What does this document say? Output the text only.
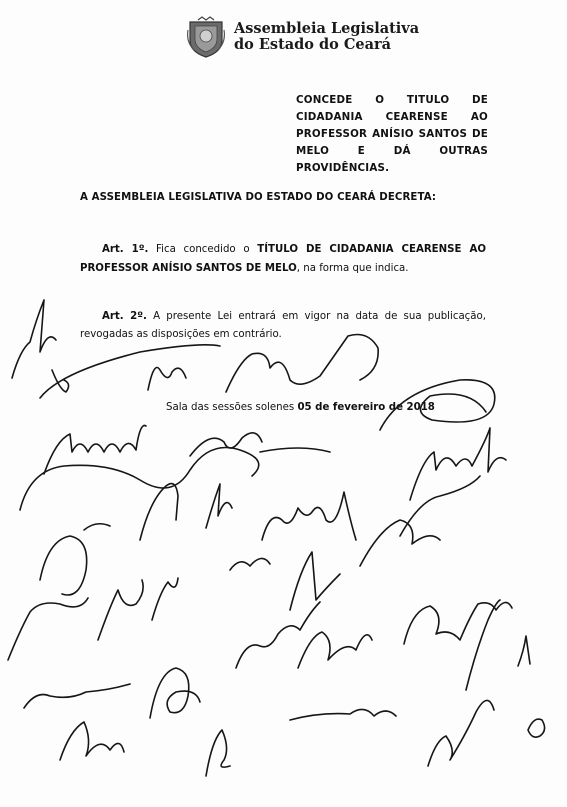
Assembleia Legislativa
do Estado do Ceará
CONCEDE O TITULO DE CIDADANIA CEARENSE AO PROFESSOR ANÍSIO SANTOS DE MELO E DÁ OUTRAS PROVIDÊNCIAS.
A ASSEMBLEIA LEGISLATIVA DO ESTADO DO CEARÁ DECRETA:
Art. 1º. Fica concedido o TÍTULO DE CIDADANIA CEARENSE AO PROFESSOR ANÍSIO SANTOS DE MELO, na forma que indica.
Art. 2º. A presente Lei entrará em vigor na data de sua publicação, revogadas as disposições em contrário.
Sala das sessões solenes 05 de fevereiro de 2018
